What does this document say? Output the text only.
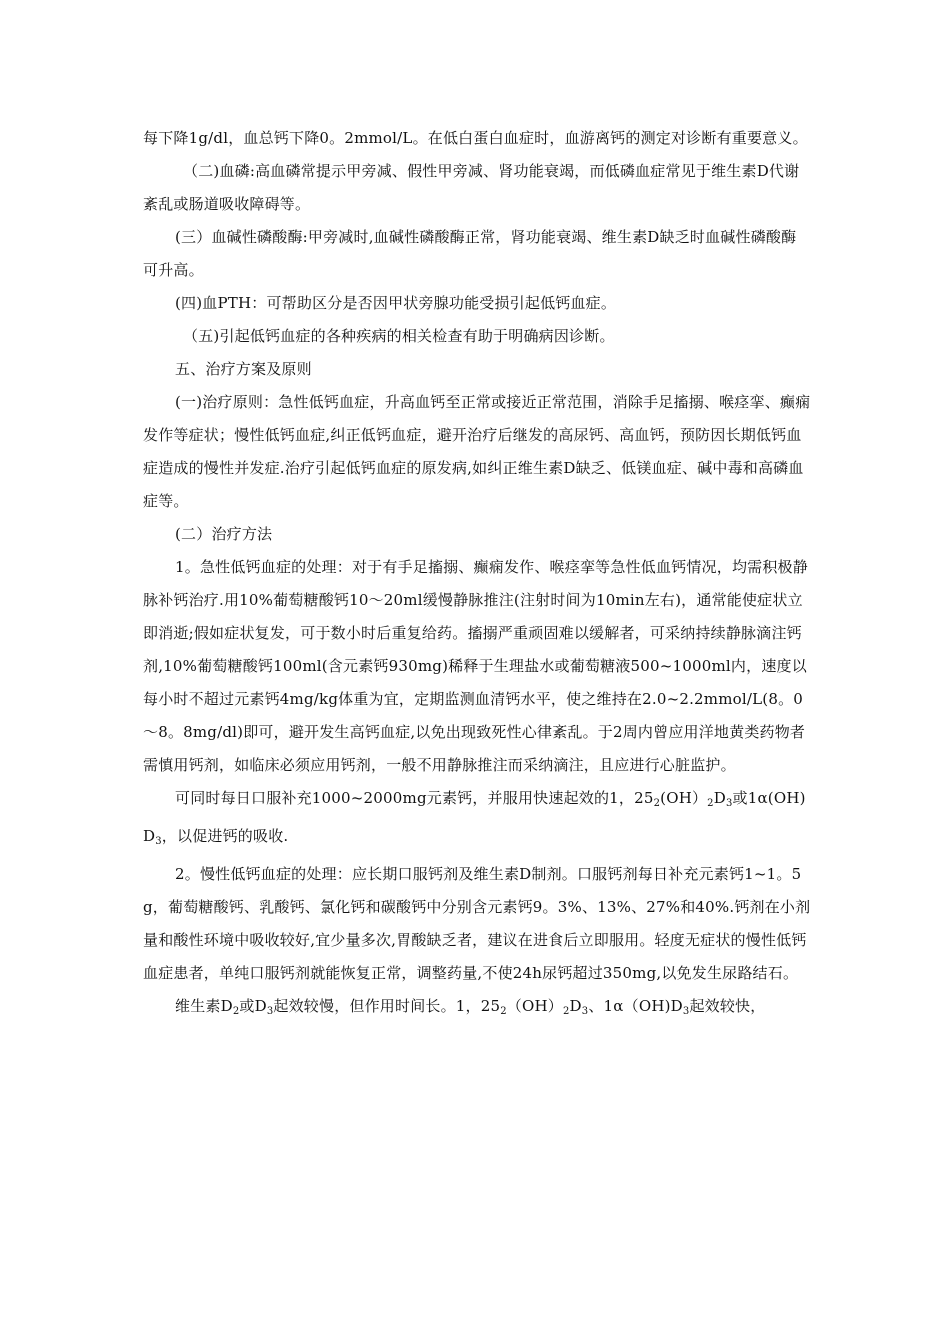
每下降1g/dl，血总钙下降0。2mmol/L。在低白蛋白血症时，血游离钙的测定对诊断有重要意义。

（二)血磷:高血磷常提示甲旁减、假性甲旁减、肾功能衰竭，而低磷血症常见于维生素D代谢紊乱或肠道吸收障碍等。

(三）血碱性磷酸酶:甲旁减时,血碱性磷酸酶正常，肾功能衰竭、维生素D缺乏时血碱性磷酸酶可升高。

(四)血PTH：可帮助区分是否因甲状旁腺功能受损引起低钙血症。

（五)引起低钙血症的各种疾病的相关检查有助于明确病因诊断。

五、治疗方案及原则

(一)治疗原则：急性低钙血症，升高血钙至正常或接近正常范围，消除手足搐搦、喉痉挛、癫痫发作等症状；慢性低钙血症,纠正低钙血症，避开治疗后继发的高尿钙、高血钙，预防因长期低钙血症造成的慢性并发症.治疗引起低钙血症的原发病,如纠正维生素D缺乏、低镁血症、碱中毒和高磷血症等。

(二）治疗方法

1。急性低钙血症的处理：对于有手足搐搦、癫痫发作、喉痉挛等急性低血钙情况，均需积极静脉补钙治疗.用10%葡萄糖酸钙10～20ml缓慢静脉推注(注射时间为10min左右)，通常能使症状立即消逝;假如症状复发，可于数小时后重复给药。搐搦严重顽固难以缓解者，可采纳持续静脉滴注钙剂,10%葡萄糖酸钙100ml(含元素钙930mg)稀释于生理盐水或葡萄糖液500~1000ml内，速度以每小时不超过元素钙4mg/kg体重为宜，定期监测血清钙水平，使之维持在2.0~2.2mmol/L(8。0～8。8mg/dl)即可，避开发生高钙血症,以免出现致死性心律紊乱。于2周内曾应用洋地黄类药物者需慎用钙剂，如临床必须应用钙剂，一般不用静脉推注而采纳滴注，且应进行心脏监护。

可同时每日口服补充1000~2000mg元素钙，并服用快速起效的1，$25_2(OH)_2D_3$或$1\alpha(OH)D_3$，以促进钙的吸收.

2。慢性低钙血症的处理：应长期口服钙剂及维生素D制剂。口服钙剂每日补充元素钙1~1。5g，葡萄糖酸钙、乳酸钙、氯化钙和碳酸钙中分别含元素钙9。3%、13%、27%和40%.钙剂在小剂量和酸性环境中吸收较好,宜少量多次,胃酸缺乏者，建议在进食后立即服用。轻度无症状的慢性低钙血症患者，单纯口服钙剂就能恢复正常，调整药量,不使24h尿钙超过350mg,以免发生尿路结石。

维生素$D_2$或$D_3$起效较慢，但作用时间长。1，$25_2(OH)_2D_3$、$1\alpha(OH)D_3$起效较快，
